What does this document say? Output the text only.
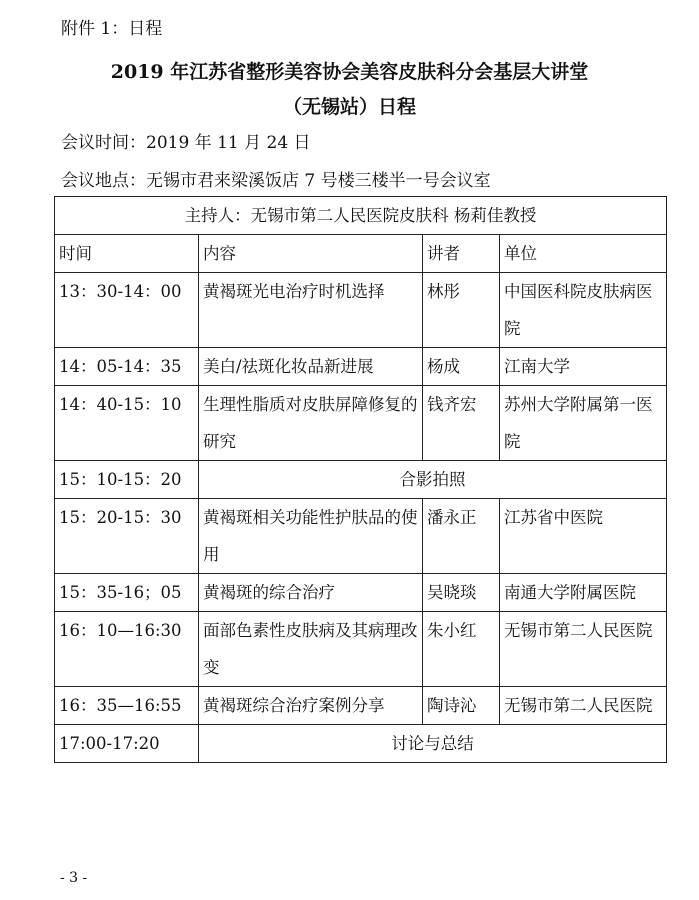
附件 1：日程
2019 年江苏省整形美容协会美容皮肤科分会基层大讲堂
（无锡站）日程
会议时间：2019 年 11 月 24 日
会议地点：无锡市君来梁溪饭店 7 号楼三楼半一号会议室
主持人：无锡市第二人民医院皮肤科 杨莉佳教授			
时间	内容	讲者	单位
13：30-14：00	黄褐斑光电治疗时机选择	林彤	中国医科院皮肤病医院
14：05-14：35	美白/祛斑化妆品新进展	杨成	江南大学
14：40-15：10	生理性脂质对皮肤屏障修复的研究	钱齐宏	苏州大学附属第一医院
15：10-15：20	合影拍照		
15：20-15：30	黄褐斑相关功能性护肤品的使用	潘永正	江苏省中医院
15：35-16；05	黄褐斑的综合治疗	吴晓琰	南通大学附属医院
16：10—16:30	面部色素性皮肤病及其病理改变	朱小红	无锡市第二人民医院
16：35—16:55	黄褐斑综合治疗案例分享	陶诗沁	无锡市第二人民医院
17:00-17:20	讨论与总结		
- 3 -
